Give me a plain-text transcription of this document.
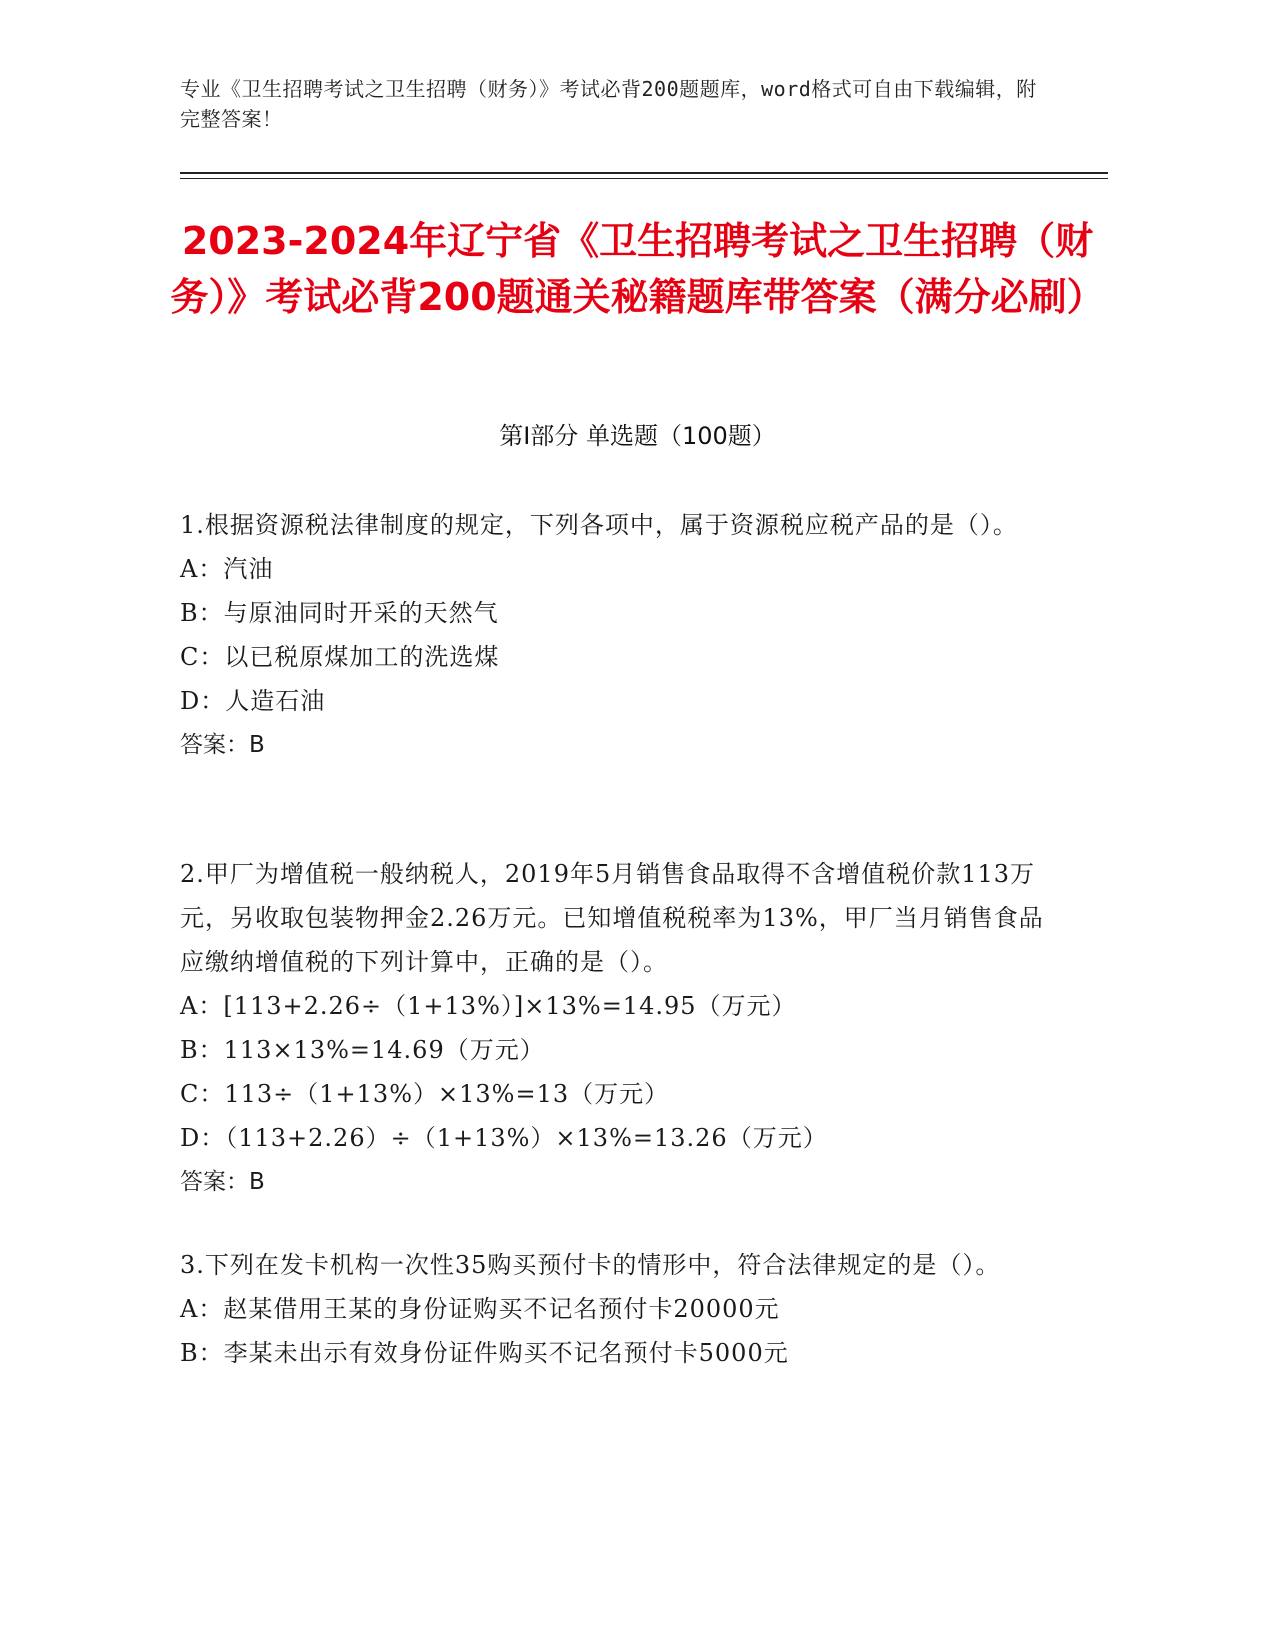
专业《卫生招聘考试之卫生招聘（财务）》考试必背200题题库，word格式可自由下载编辑，附完整答案！
2023-2024年辽宁省《卫生招聘考试之卫生招聘（财务）》考试必背200题通关秘籍题库带答案（满分必刷）
第Ⅰ部分 单选题（100题）
1.根据资源税法律制度的规定，下列各项中，属于资源税应税产品的是（）。
A：汽油
B：与原油同时开采的天然气
C：以已税原煤加工的洗选煤
D：人造石油
答案：B
2.甲厂为增值税一般纳税人，2019年5月销售食品取得不含增值税价款113万元，另收取包装物押金2.26万元。已知增值税税率为13%，甲厂当月销售食品应缴纳增值税的下列计算中，正确的是（）。
A：[113+2.26÷（1+13%）]×13%=14.95（万元）
B：113×13%=14.69（万元）
C：113÷（1+13%）×13%=13（万元）
D：（113+2.26）÷（1+13%）×13%=13.26（万元）
答案：B
3.下列在发卡机构一次性35购买预付卡的情形中，符合法律规定的是（）。
A：赵某借用王某的身份证购买不记名预付卡20000元
B：李某未出示有效身份证件购买不记名预付卡5000元
